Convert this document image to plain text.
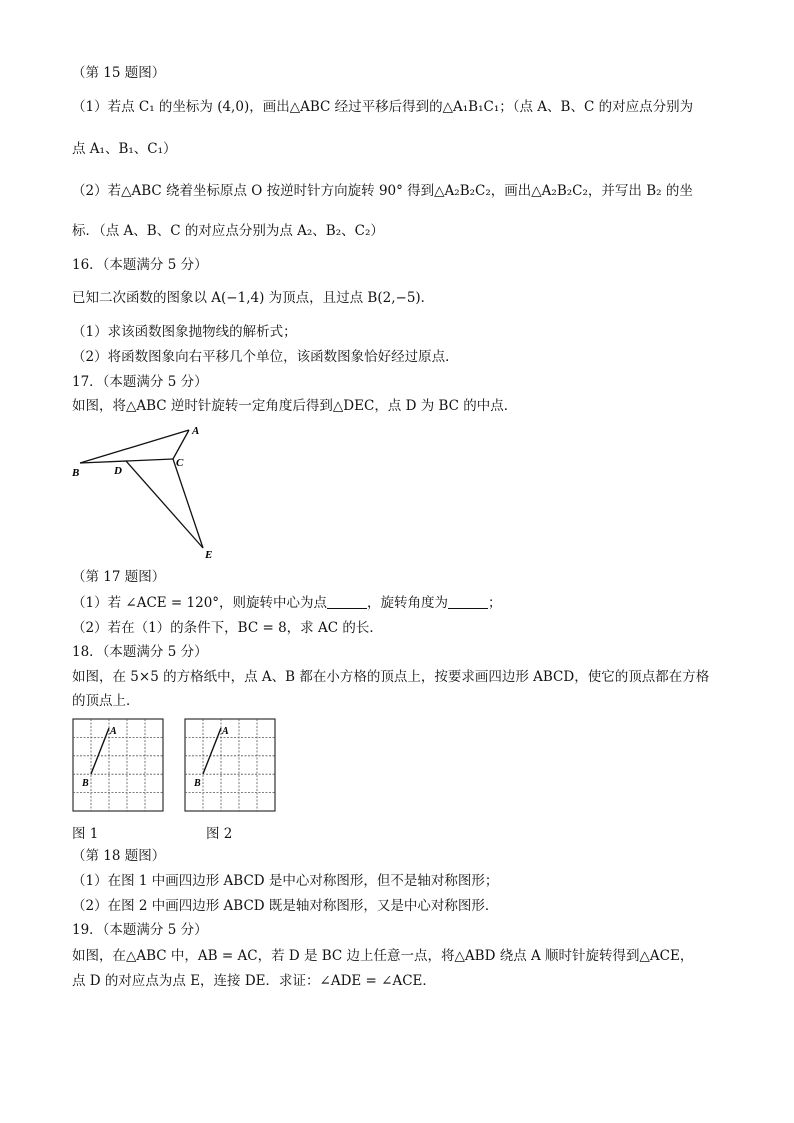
（第 15 题图）
（1）若点 C₁ 的坐标为 (4,0)，画出△ABC 经过平移后得到的△A₁B₁C₁；（点 A、B、C 的对应点分别为
点 A₁、B₁、C₁）
（2）若△ABC 绕着坐标原点 O 按逆时针方向旋转 90° 得到△A₂B₂C₂，画出△A₂B₂C₂，并写出 B₂ 的坐
标．（点 A、B、C 的对应点分别为点 A₂、B₂、C₂）
16．（本题满分 5 分）
已知二次函数的图象以 A(−1,4) 为顶点，且过点 B(2,−5)．
（1）求该函数图象抛物线的解析式；
（2）将函数图象向右平移几个单位，该函数图象恰好经过原点．
17．（本题满分 5 分）
如图，将△ABC 逆时针旋转一定角度后得到△DEC，点 D 为 BC 的中点．
A
B
C
D
E
（第 17 题图）
（1）若 ∠ACE = 120°，则旋转中心为点	，旋转角度为	；
（2）若在（1）的条件下，BC = 8，求 AC 的长．
18．（本题满分 5 分）
如图，在 5×5 的方格纸中，点 A、B 都在小方格的顶点上，按要求画四边形 ABCD，使它的顶点都在方格
的顶点上．
A
B
A
B
图 1	图 2
（第 18 题图）
（1）在图 1 中画四边形 ABCD 是中心对称图形，但不是轴对称图形；
（2）在图 2 中画四边形 ABCD 既是轴对称图形，又是中心对称图形．
19．（本题满分 5 分）
如图，在△ABC 中，AB = AC，若 D 是 BC 边上任意一点，将△ABD 绕点 A 顺时针旋转得到△ACE，
点 D 的对应点为点 E，连接 DE．求证：∠ADE = ∠ACE．
